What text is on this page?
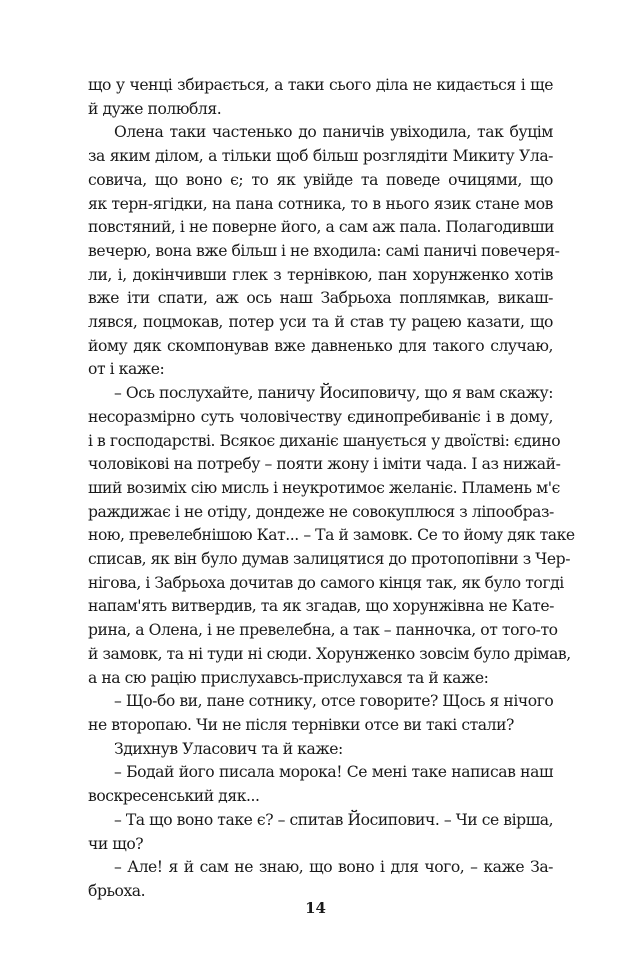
що у ченці збирається, а таки сього діла не кидається і ще
й дуже полюбля.
Олена таки частенько до паничів увіходила, так буцім
за яким ділом, а тільки щоб більш розглядіти Микиту Ула-
совича, що воно є; то як увійде та поведе очицями, що
як терн-ягідки, на пана сотника, то в нього язик стане мов
повстяний, і не поверне його, а сам аж пала. Полагодивши
вечерю, вона вже більш і не входила: самі паничі повечеря-
ли, і, докінчивши глек з тернівкою, пан хорунженко хотів
вже іти спати, аж ось наш Забрьоха поплямкав, викаш-
лявся, поцмокав, потер уси та й став ту рацею казати, що
йому дяк скомпонував вже давненько для такого случаю,
от і каже:
– Ось послухайте, паничу Йосиповичу, що я вам скажу:
несоразмірно суть чоловічеству єдинопребиваніє і в дому,
і в господарстві. Всякоє диханіє шанується у двоїстві: єдино
чоловікові на потребу – пояти жону і іміти чада. І аз нижай-
ший возиміх сію мисль і неукротимоє желаніє. Пламень м'є
раждижає і не отіду, дондеже не совокуплюся з ліпообраз-
ною, превелебнішою Кат... – Та й замовк. Се то йому дяк таке
списав, як він було думав залицятися до протопопівни з Чер-
нігова, і Забрьоха дочитав до самого кінця так, як було тогді
напам'ять витвердив, та як згадав, що хорунжівна не Кате-
рина, а Олена, і не превелебна, а так – панночка, от того-то
й замовк, та ні туди ні сюди. Хорунженко зовсім було дрімав,
а на сю рацію прислухавсь-прислухався та й каже:
– Що-бо ви, пане сотнику, отсе говорите? Щось я нічого
не второпаю. Чи не після тернівки отсе ви такі стали?
Здихнув Уласович та й каже:
– Бодай його писала морока! Се мені таке написав наш
воскресенський дяк...
– Та що воно таке є? – спитав Йосипович. – Чи се вірша,
чи що?
– Але! я й сам не знаю, що воно і для чого, – каже За-
брьоха.
14
